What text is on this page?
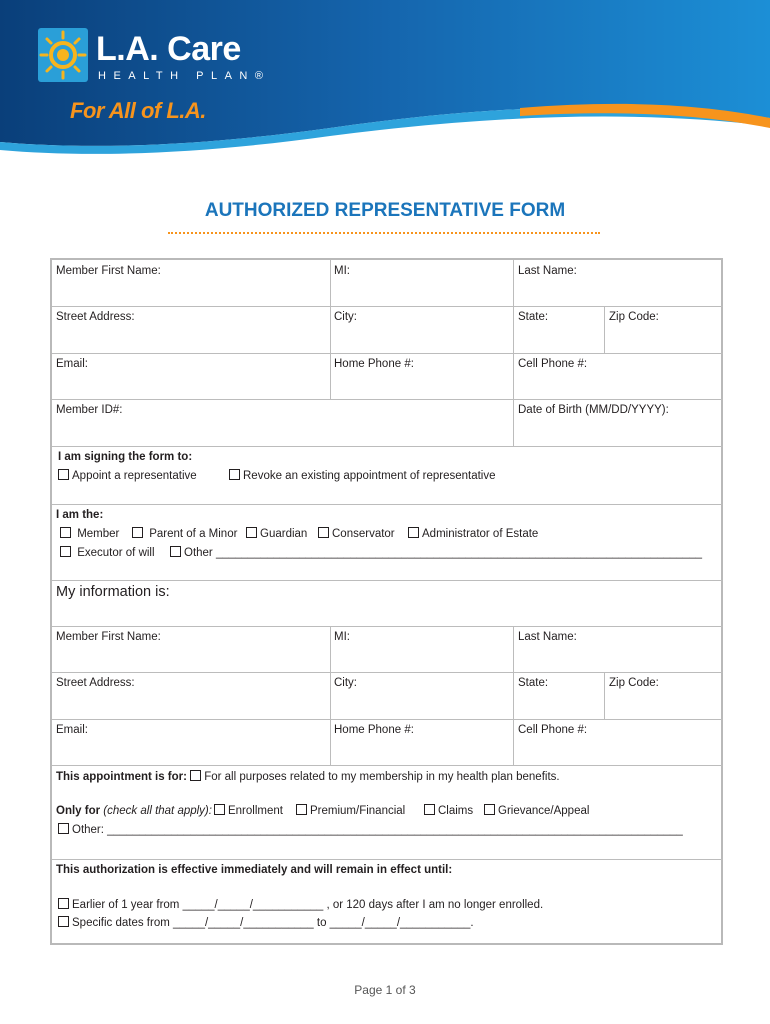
L.A. Care
HEALTH PLAN®
For All of L.A.
AUTHORIZED REPRESENTATIVE FORM
Member First Name:	MI:	Last Name:
Street Address:	City:	State:	Zip Code:
Email:	Home Phone #:	Cell Phone #:
Member ID#:	Date of Birth (MM/DD/YYYY):
I am signing the form to:
Appoint a representative	Revoke an existing appointment of representative
I am the:
Member	Parent of a Minor	Guardian	Conservator	Administrator of Estate
Executor of will	Other ____________________________________________________________________________
My information is:
Member First Name:	MI:	Last Name:
Street Address:	City:	State:	Zip Code:
Email:	Home Phone #:	Cell Phone #:
This appointment is for: For all purposes related to my membership in my health plan benefits.
Only for (check all that apply): Enrollment	Premium/Financial	Claims	Grievance/Appeal
Other: __________________________________________________________________________________________
This authorization is effective immediately and will remain in effect until:
Earlier of 1 year from _____/_____/___________ , or 120 days after I am no longer enrolled.
Specific dates from _____/_____/___________ to _____/_____/___________.
Page 1 of 3
